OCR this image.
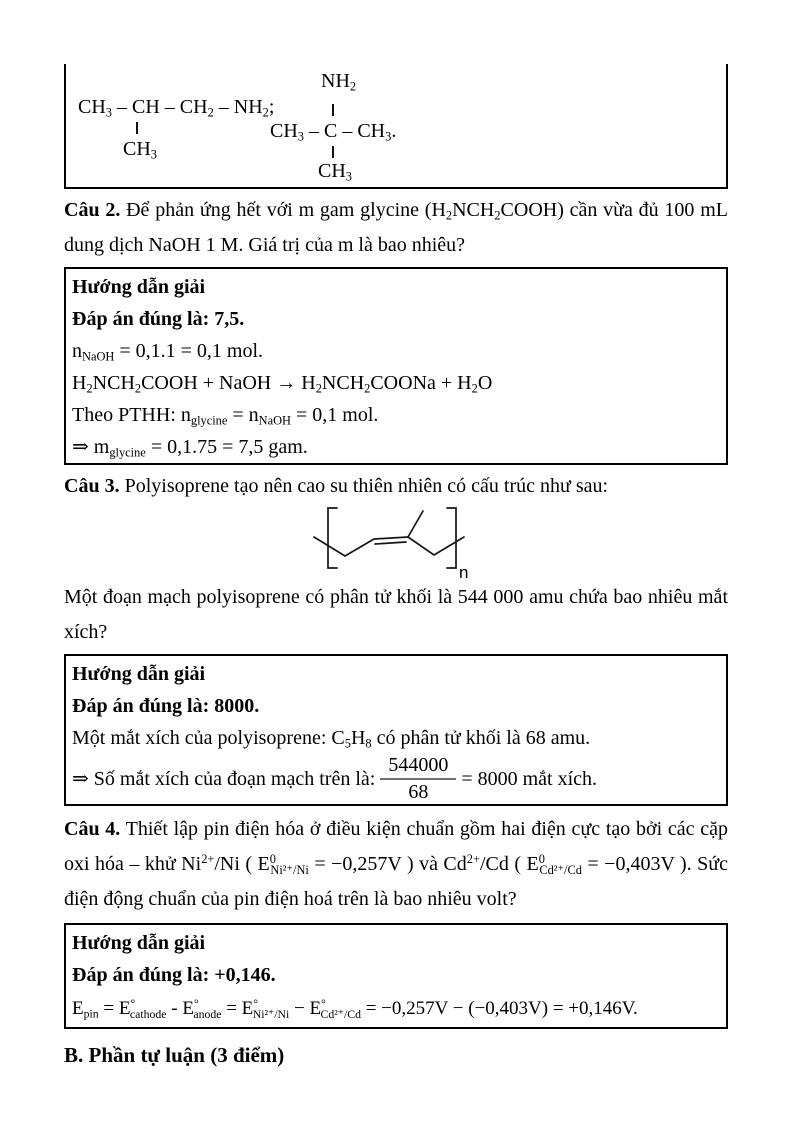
$CH_3$ – CH – $CH_2 - NH_2$;
$CH_3$
$NH_2$
$CH_3$ – C – $CH_3$.
$CH_3$

Câu 2. Để phản ứng hết với m gam glycine $(H_2NCH_2COOH)$ cần vừa đủ 100 mL dung dịch NaOH 1 M. Giá trị của m là bao nhiêu?

Hướng dẫn giải

Đáp án đúng là: 7,5.

$n_{NaOH} = 0,1.1 = 0,1$ mol.

$H_2NCH_2COOH$ + NaOH → $H_2NCH_2COONa + H_2O$

Theo PTHH: $n_{glycine} = n_{NaOH} = 0,1$ mol.

⇒ $m_{glycine} = 0,1.75 = 7,5$ gam.

Câu 3. Polyisoprene tạo nên cao su thiên nhiên có cấu trúc như sau:

n

Một đoạn mạch polyisoprene có phân tử khối là 544 000 amu chứa bao nhiêu mắt xích?

Hướng dẫn giải

Đáp án đúng là: 8000.

Một mắt xích của polyisoprene: $C_5H_8$ có phân tử khối là 68 amu.

⇒ Số mắt xích của đoạn mạch trên là: $\frac{544000}{68} = 8000$ mắt xích.

Câu 4. Thiết lập pin điện hóa ở điều kiện chuẩn gồm hai điện cực tạo bởi các cặp oxi hóa – khử $Ni^{2+}/Ni$ ( $E^0_{Ni^{2+}/Ni} = -0,257V$ ) và $Cd^{2+}/Cd$ ( $E^0_{Cd^{2+}/Cd} = -0,403V$ ). Sức điện động chuẩn của pin điện hoá trên là bao nhiêu volt?

Hướng dẫn giải

Đáp án đúng là: +0,146.

$E_{pin} = E^\circ_{cathode} - E^\circ_{anode} = E^\circ_{Ni^{2+}/Ni} - E^\circ_{Cd^{2+}/Cd} = -0,257V - (-0,403V) = +0,146V$.

B. Phần tự luận (3 điểm)
